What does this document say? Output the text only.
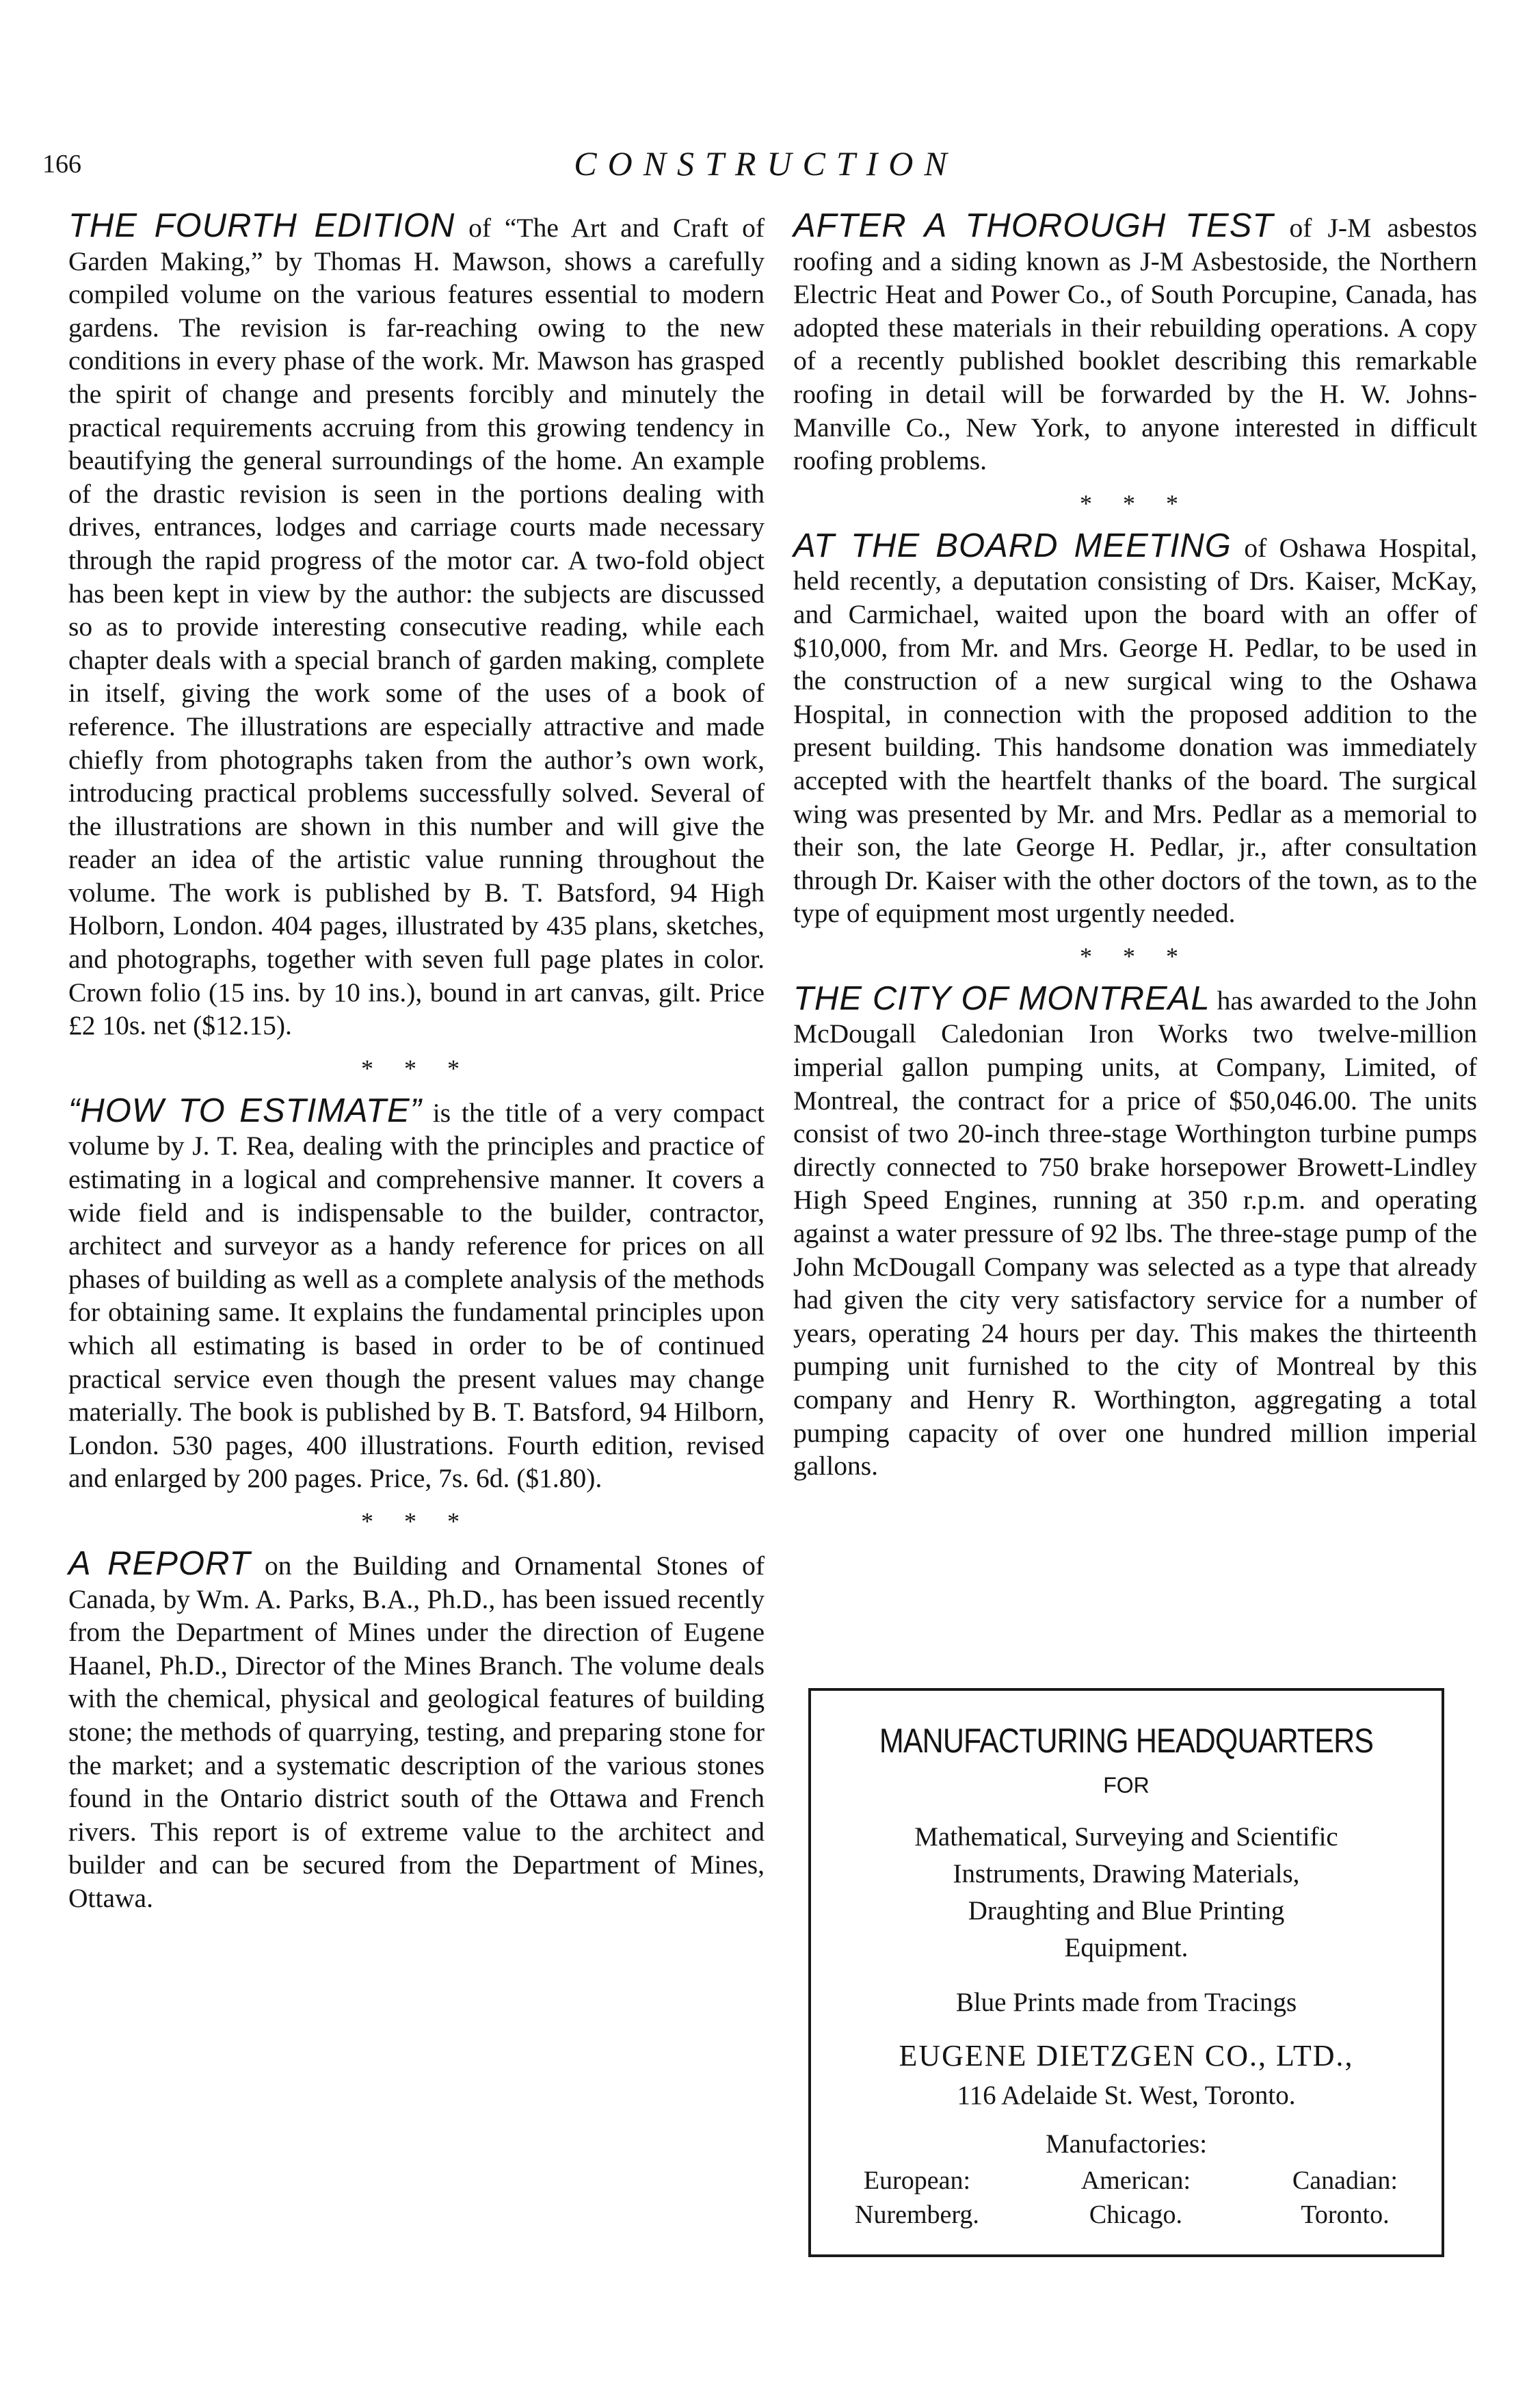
166	CONSTRUCTION

THE FOURTH EDITION of “The Art and Craft of Garden Making,” by Thomas H. Mawson, shows a carefully compiled volume on the various features essential to modern gardens. The revision is far-reaching owing to the new conditions in every phase of the work. Mr. Mawson has grasped the spirit of change and presents forcibly and minutely the practical requirements accruing from this growing tendency in beautifying the general surroundings of the home. An example of the drastic revision is seen in the portions dealing with drives, entrances, lodges and carriage courts made necessary through the rapid progress of the motor car. A two-fold object has been kept in view by the author: the subjects are discussed so as to provide interesting consecutive reading, while each chapter deals with a special branch of garden making, complete in itself, giving the work some of the uses of a book of reference. The illustrations are especially attractive and made chiefly from photographs taken from the author’s own work, introducing practical problems successfully solved. Several of the illustrations are shown in this number and will give the reader an idea of the artistic value running throughout the volume. The work is published by B. T. Batsford, 94 High Holborn, London. 404 pages, illustrated by 435 plans, sketches, and photographs, together with seven full page plates in color. Crown folio (15 ins. by 10 ins.), bound in art canvas, gilt. Price £2 10s. net ($12.15).

* * *

“HOW TO ESTIMATE” is the title of a very compact volume by J. T. Rea, dealing with the principles and practice of estimating in a logical and comprehensive manner. It covers a wide field and is indispensable to the builder, contractor, architect and surveyor as a handy reference for prices on all phases of building as well as a complete analysis of the methods for obtaining same. It explains the fundamental principles upon which all estimating is based in order to be of continued practical service even though the present values may change materially. The book is published by B. T. Batsford, 94 Hilborn, London. 530 pages, 400 illustrations. Fourth edition, revised and enlarged by 200 pages. Price, 7s. 6d. ($1.80).

* * *

A REPORT on the Building and Ornamental Stones of Canada, by Wm. A. Parks, B.A., Ph.D., has been issued recently from the Department of Mines under the direction of Eugene Haanel, Ph.D., Director of the Mines Branch. The volume deals with the chemical, physical and geological features of building stone; the methods of quarrying, testing, and preparing stone for the market; and a systematic description of the various stones found in the Ontario district south of the Ottawa and French rivers. This report is of extreme value to the architect and builder and can be secured from the Department of Mines, Ottawa.

AFTER A THOROUGH TEST of J-M asbestos roofing and a siding known as J-M Asbestoside, the Northern Electric Heat and Power Co., of South Porcupine, Canada, has adopted these materials in their rebuilding operations. A copy of a recently published booklet describing this remarkable roofing in detail will be forwarded by the H. W. Johns-Manville Co., New York, to anyone interested in difficult roofing problems.

* * *

AT THE BOARD MEETING of Oshawa Hospital, held recently, a deputation consisting of Drs. Kaiser, McKay, and Carmichael, waited upon the board with an offer of $10,000, from Mr. and Mrs. George H. Pedlar, to be used in the construction of a new surgical wing to the Oshawa Hospital, in connection with the proposed addition to the present building. This handsome donation was immediately accepted with the heartfelt thanks of the board. The surgical wing was presented by Mr. and Mrs. Pedlar as a memorial to their son, the late George H. Pedlar, jr., after consultation through Dr. Kaiser with the other doctors of the town, as to the type of equipment most urgently needed.

* * *

THE CITY OF MONTREAL has awarded to the John McDougall Caledonian Iron Works two twelve-million imperial gallon pumping units, at Company, Limited, of Montreal, the contract for a price of $50,046.00. The units consist of two 20-inch three-stage Worthington turbine pumps directly connected to 750 brake horsepower Browett-Lindley High Speed Engines, running at 350 r.p.m. and operating against a water pressure of 92 lbs. The three-stage pump of the John McDougall Company was selected as a type that already had given the city very satisfactory service for a number of years, operating 24 hours per day. This makes the thirteenth pumping unit furnished to the city of Montreal by this company and Henry R. Worthington, aggregating a total pumping capacity of over one hundred million imperial gallons.

MANUFACTURING HEADQUARTERS
FOR
Mathematical, Surveying and Scientific
Instruments, Drawing Materials,
Draughting and Blue Printing
Equipment.
Blue Prints made from Tracings
EUGENE DIETZGEN CO., LTD.,
116 Adelaide St. West, Toronto.
Manufactories:
European:
Nuremberg.
American:
Chicago.
Canadian:
Toronto.
